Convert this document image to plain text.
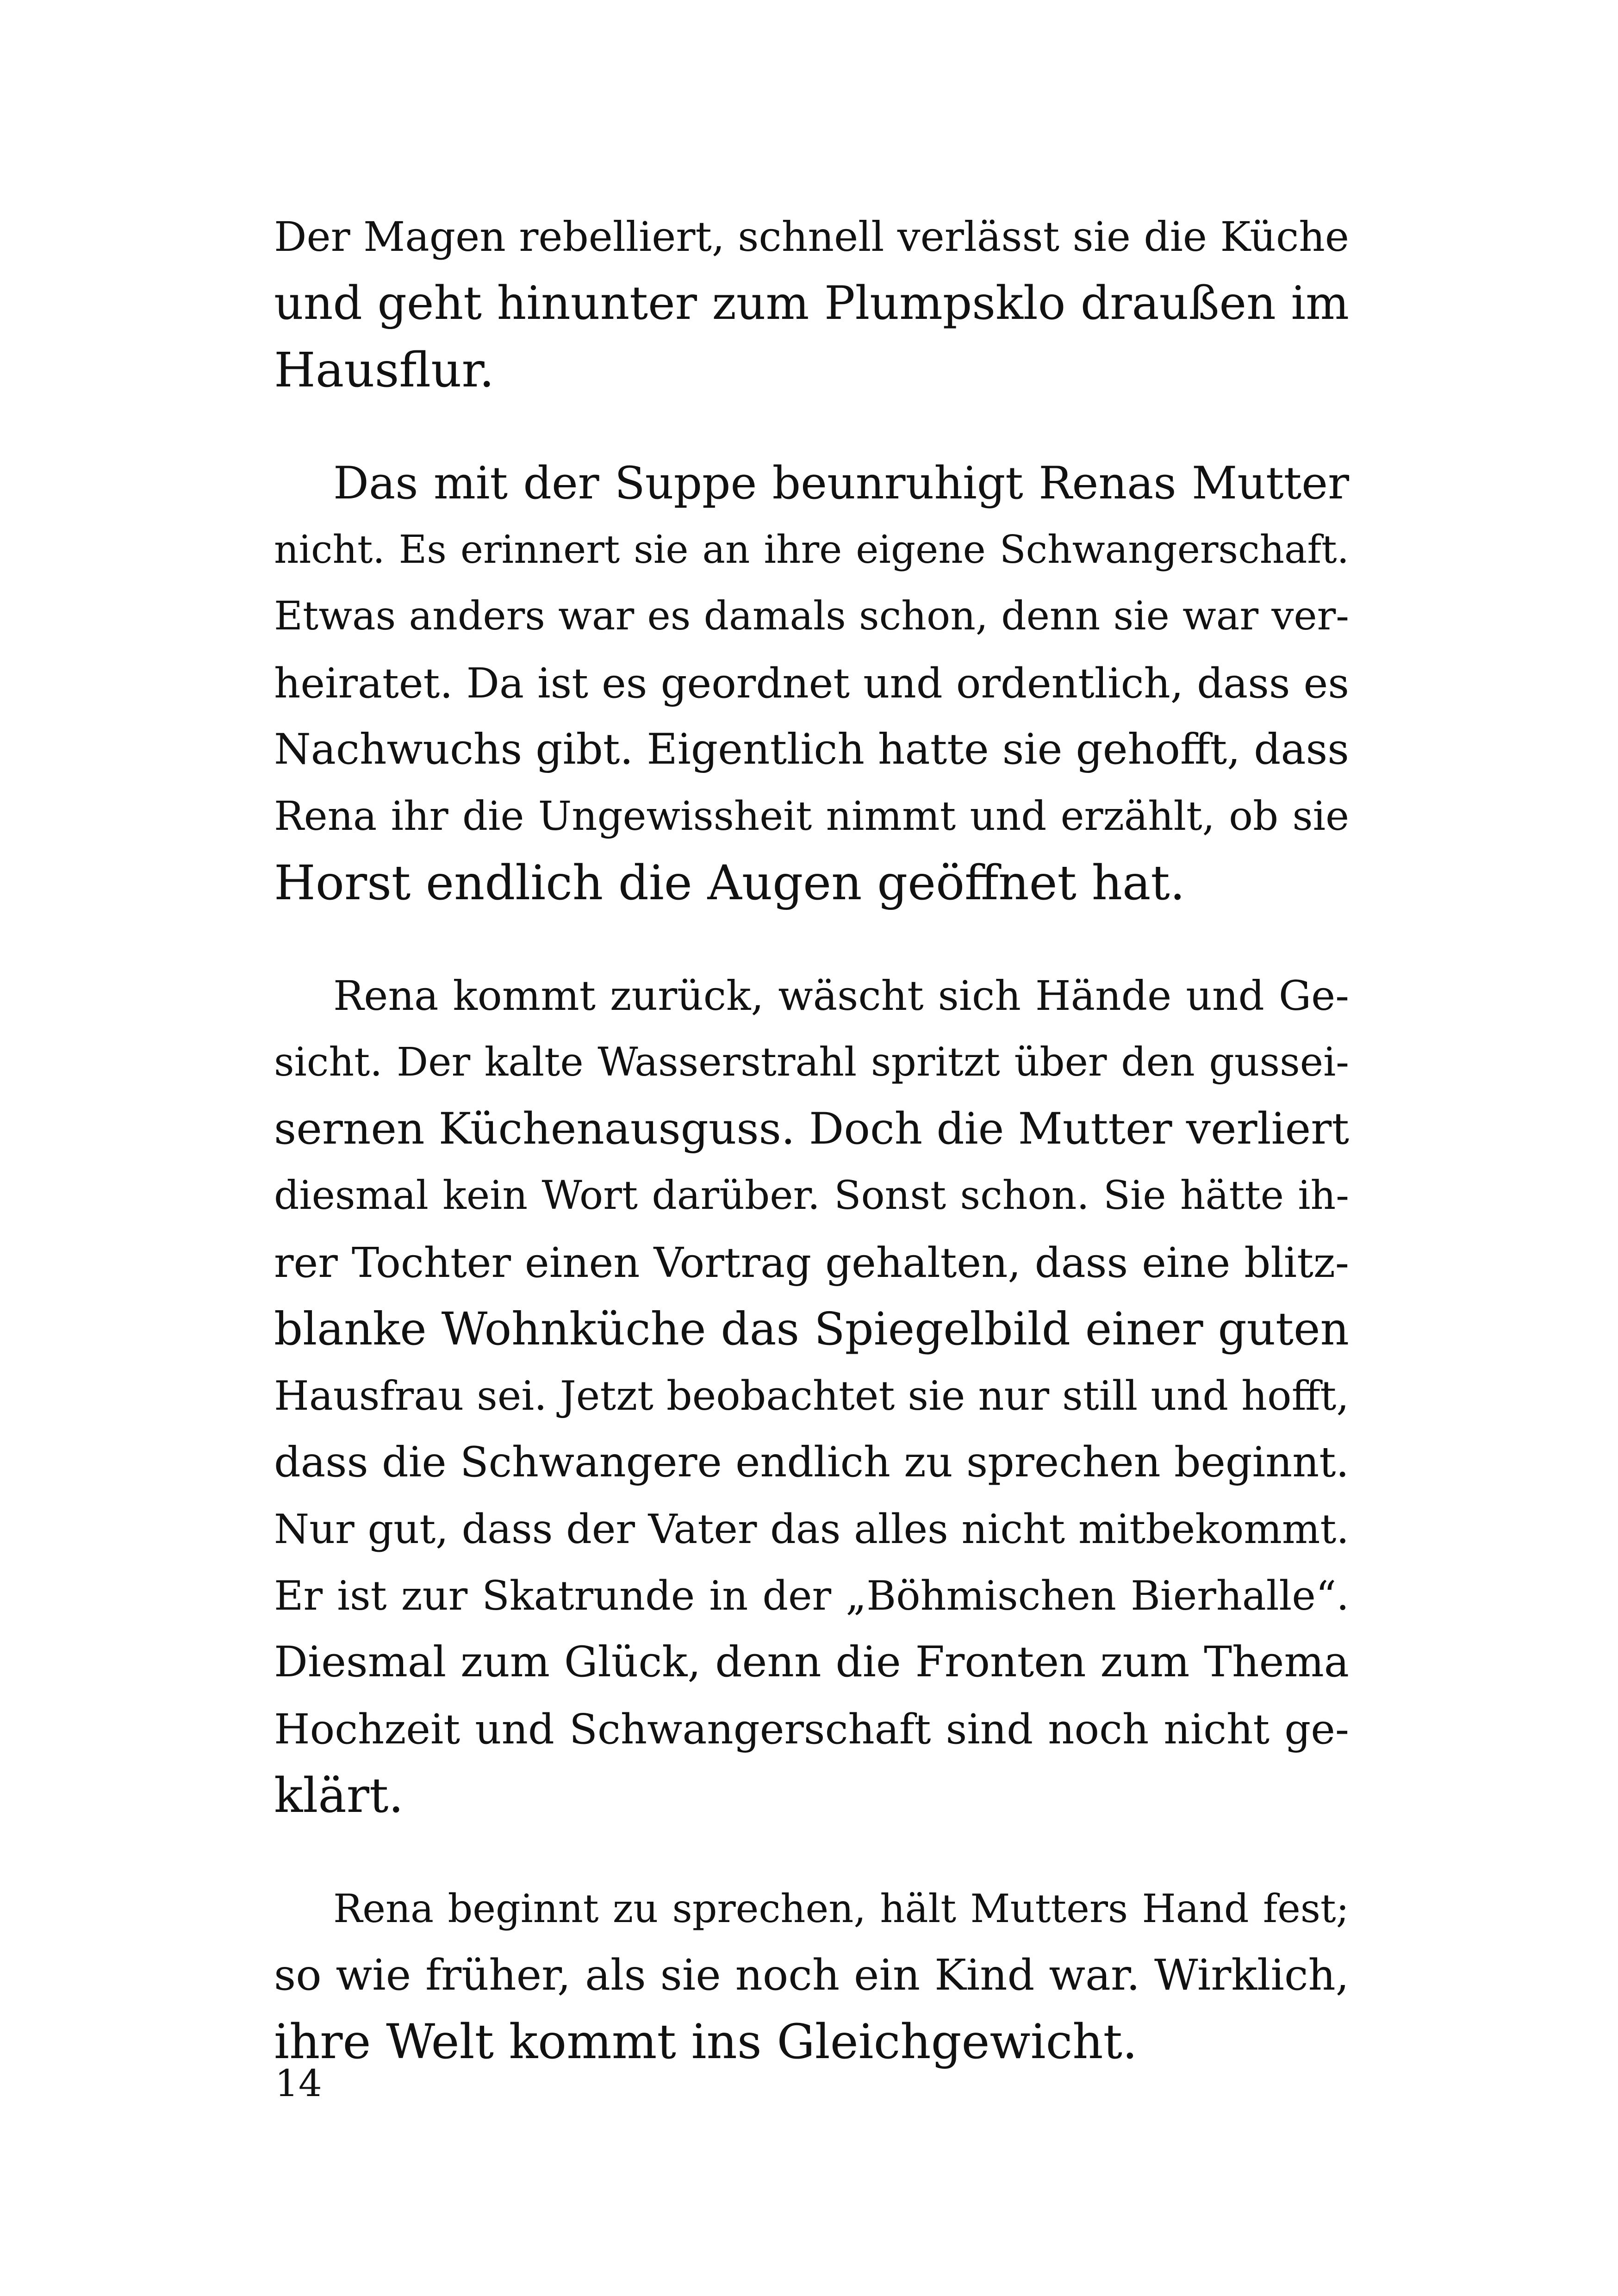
Der Magen rebelliert, schnell verlässt sie die Küche
und geht hinunter zum Plumpsklo draußen im
Hausflur.
Das mit der Suppe beunruhigt Renas Mutter
nicht. Es erinnert sie an ihre eigene Schwangerschaft.
Etwas anders war es damals schon, denn sie war ver-
heiratet. Da ist es geordnet und ordentlich, dass es
Nachwuchs gibt. Eigentlich hatte sie gehofft, dass
Rena ihr die Ungewissheit nimmt und erzählt, ob sie
Horst endlich die Augen geöffnet hat.
Rena kommt zurück, wäscht sich Hände und Ge-
sicht. Der kalte Wasserstrahl spritzt über den gussei-
sernen Küchenausguss. Doch die Mutter verliert
diesmal kein Wort darüber. Sonst schon. Sie hätte ih-
rer Tochter einen Vortrag gehalten, dass eine blitz-
blanke Wohnküche das Spiegelbild einer guten
Hausfrau sei. Jetzt beobachtet sie nur still und hofft,
dass die Schwangere endlich zu sprechen beginnt.
Nur gut, dass der Vater das alles nicht mitbekommt.
Er ist zur Skatrunde in der „Böhmischen Bierhalle“.
Diesmal zum Glück, denn die Fronten zum Thema
Hochzeit und Schwangerschaft sind noch nicht ge-
klärt.
Rena beginnt zu sprechen, hält Mutters Hand fest;
so wie früher, als sie noch ein Kind war. Wirklich,
ihre Welt kommt ins Gleichgewicht.
14
